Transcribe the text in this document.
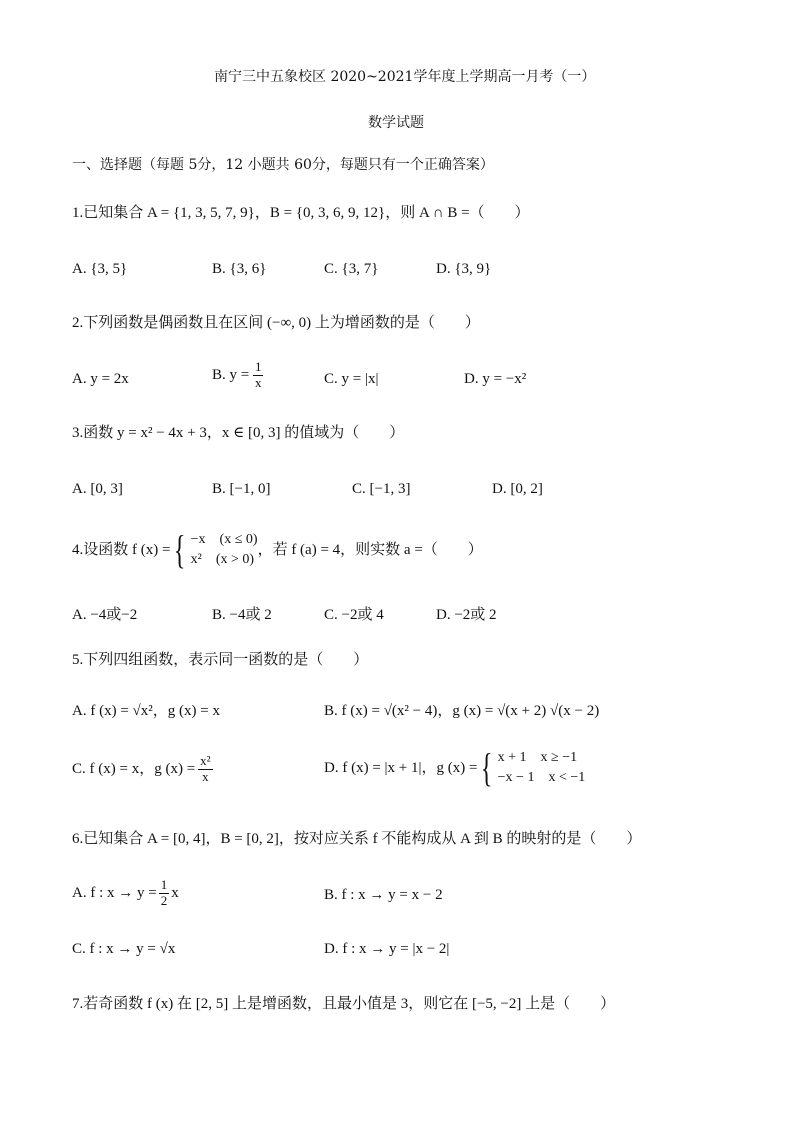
南宁三中五象校区 2020~2021学年度上学期高一月考（一）
数学试题
一、选择题（每题 5分，12 小题共 60分，每题只有一个正确答案）
1.已知集合 A = {1, 3, 5, 7, 9}，B = {0, 3, 6, 9, 12}，则 A ∩ B =（　　）
A. {3, 5}	B. {3, 6}	C. {3, 7}	D. {3, 9}
2.下列函数是偶函数且在区间 (−∞, 0) 上为增函数的是（　　）
A. y = 2x	B. $y = \frac{1}{x}$	C. y = |x|	D. y = −x²
3.函数 y = x² − 4x + 3，x ∈ [0, 3] 的值域为（　　）
A. [0, 3]	B. [−1, 0]	C. [−1, 3]	D. [0, 2]
4.设函数 f (x) = { −x　(x ≤ 0)
x²　(x > 0)
，若 f (a) = 4，则实数 a =（　　）
A. −4或−2	B. −4或 2	C. −2或 4	D. −2或 2
5.下列四组函数，表示同一函数的是（　　）
A. f (x) = √x²，g (x) = x	B. f (x) = √(x² − 4)，g (x) = √(x + 2) √(x − 2)
C. f (x) = x，g $(x) = \frac{\text{x²}}{x}$	D. f (x) = |x + 1|，g (x) = { x + 1　x ≥ −1
−x − 1　x < −1
6.已知集合 A = [0, 4]，B = [0, 2]，按对应关系 f 不能构成从 A 到 B 的映射的是（　　）
A. f : $x \to y = \frac{1}{2}$ x	B. f : x → y = x − 2
C. f : x → y = √x	D. f : x → y = |x − 2|
7.若奇函数 f (x) 在 [2, 5] 上是增函数，且最小值是 3，则它在 [−5, −2] 上是（　　）
